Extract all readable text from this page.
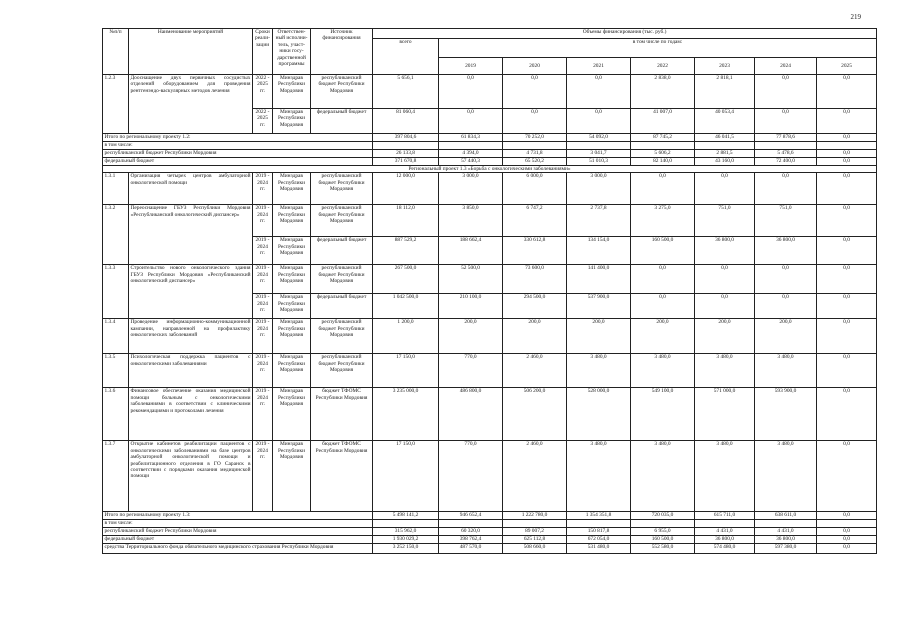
219
№п/п	Наименование мероприятий	Сроки реали-зации	Ответствен-ный исполни-тель, участ-ники госу-дарственной программы	Источник финансирования	Объемы финансирования (тыс. руб.)							
					всего	в том числе по годам:						
						2019	2020	2021	2022	2023	2024	2025
1.2.3	Дооснащение двух первичных сосудистых отделений оборудованием для проведения рентгенэндо-васкулярных методов лечения	2022 - 2025 гг.	Минздрав Республики Мордовия	республиканский бюджет Республики Мордовия	5 656,1	0,0	0,0	0,0	2 838,0	2 818,1	0,0	0,0
		2022 - 2025 гг.	Минздрав Республики Мордовия	федеральный бюджет	81 060,4	0,0	0,0	0,0	41 007,0	40 053,4	0,0	0,0
Итого по региональному проекту 1.2:					397 804,6	61 834,3	70 252,0	54 092,0	87 745,2	46 041,5	77 878,6	0,0
в том числе:												
республиканский бюджет Республики Мордовия					26 133,8	4 394,0	4 731,8	3 041,7	5 606,2	2 881,5	5 478,6	0,0
федеральный бюджет					371 670,8	57 440,3	65 520,2	51 010,3	82 140,0	43 160,0	72 400,0	0,0
Региональный проект 1.3 «Борьба с онкологическими заболеваниями»												
1.3.1	Организация четырех центров амбулаторной онкологической помощи	2019 - 2024 гг.	Минздрав Республики Мордовия	республиканский бюджет Республики Мордовия	12 000,0	3 000,0	6 000,0	3 000,0	0,0	0,0	0,0	0,0
1.3.2	Переоснащение ГБУЗ Республики Мордовия «Республиканский онкологический диспансер»	2019 - 2024 гг.	Минздрав Республики Мордовия	республиканский бюджет Республики Мордовия	18 112,0	3 850,0	6 747,2	2 737,8	3 275,0	751,0	751,0	0,0
		2019 - 2024 гг.	Минздрав Республики Мордовия	федеральный бюджет	887 529,2	188 662,4	330 612,8	134 154,0	160 500,0	36 800,0	36 800,0	0,0
1.3.3	Строительство нового онкологического здания ГБУЗ Республики Мордовия «Республиканский онкологический диспансер»	2019 - 2024 гг.	Минздрав Республики Мордовия	республиканский бюджет Республики Мордовия	267 500,0	52 500,0	73 600,0	141 400,0	0,0	0,0	0,0	0,0
		2019 - 2024 гг.	Минздрав Республики Мордовия	федеральный бюджет	1 042 500,0	210 100,0	294 500,0	537 900,0	0,0	0,0	0,0	0,0
1.3.4	Проведение информационно-коммуникационной кампании, направленной на профилактику онкологических заболеваний	2019 - 2024 гг.	Минздрав Республики Мордовия	республиканский бюджет Республики Мордовия	1 200,0	200,0	200,0	200,0	200,0	200,0	200,0	0,0
1.3.5	Психологическая поддержка пациентов с онкологическими заболеваниями	2019 - 2024 гг.	Минздрав Республики Мордовия	республиканский бюджет Республики Мордовия	17 150,0	770,0	2 460,0	3 480,0	3 480,0	3 480,0	3 480,0	0,0
1.3.6	Финансовое обеспечение оказания медицинской помощи больным с онкологическими заболеваниями в соответствии с клиническими рекомендациями и протоколами лечения	2019 - 2024 гг.	Минздрав Республики Мордовия	бюджет ТФОМС Республики Мордовия	3 235 000,0	486 800,0	506 200,0	528 000,0	549 100,0	571 000,0	593 900,0	0,0
1.3.7	Открытие кабинетов реабилитации пациентов с онкологическими заболеваниями на базе центров амбулаторной онкологической помощи и реабилитационного отделения в ГО Саранск в соответствии с порядками оказания медицинской помощи	2019 - 2024 гг.	Минздрав Республики Мордовия	бюджет ТФОМС Республики Мордовия	17 150,0	770,0	2 460,0	3 480,0	3 480,0	3 480,0	3 480,0	0,0
Итого по региональному проекту 1.3:					5 498 141,2	946 652,4	1 222 780,0	1 354 351,8	720 035,0	615 711,0	638 611,0	0,0
в том числе:												
республиканский бюджет Республики Мордовия					315 962,0	60 320,0	89 007,2	150 817,8	6 955,0	4 431,0	4 431,0	0,0
федеральный бюджет					1 930 029,2	398 762,4	625 112,8	672 054,0	160 500,0	36 800,0	36 800,0	0,0
средства Территориального фонда обязательного медицинского страхования Республики Мордовия					3 252 150,0	487 570,0	508 660,0	531 480,0	552 580,0	574 480,0	597 380,0	0,0
